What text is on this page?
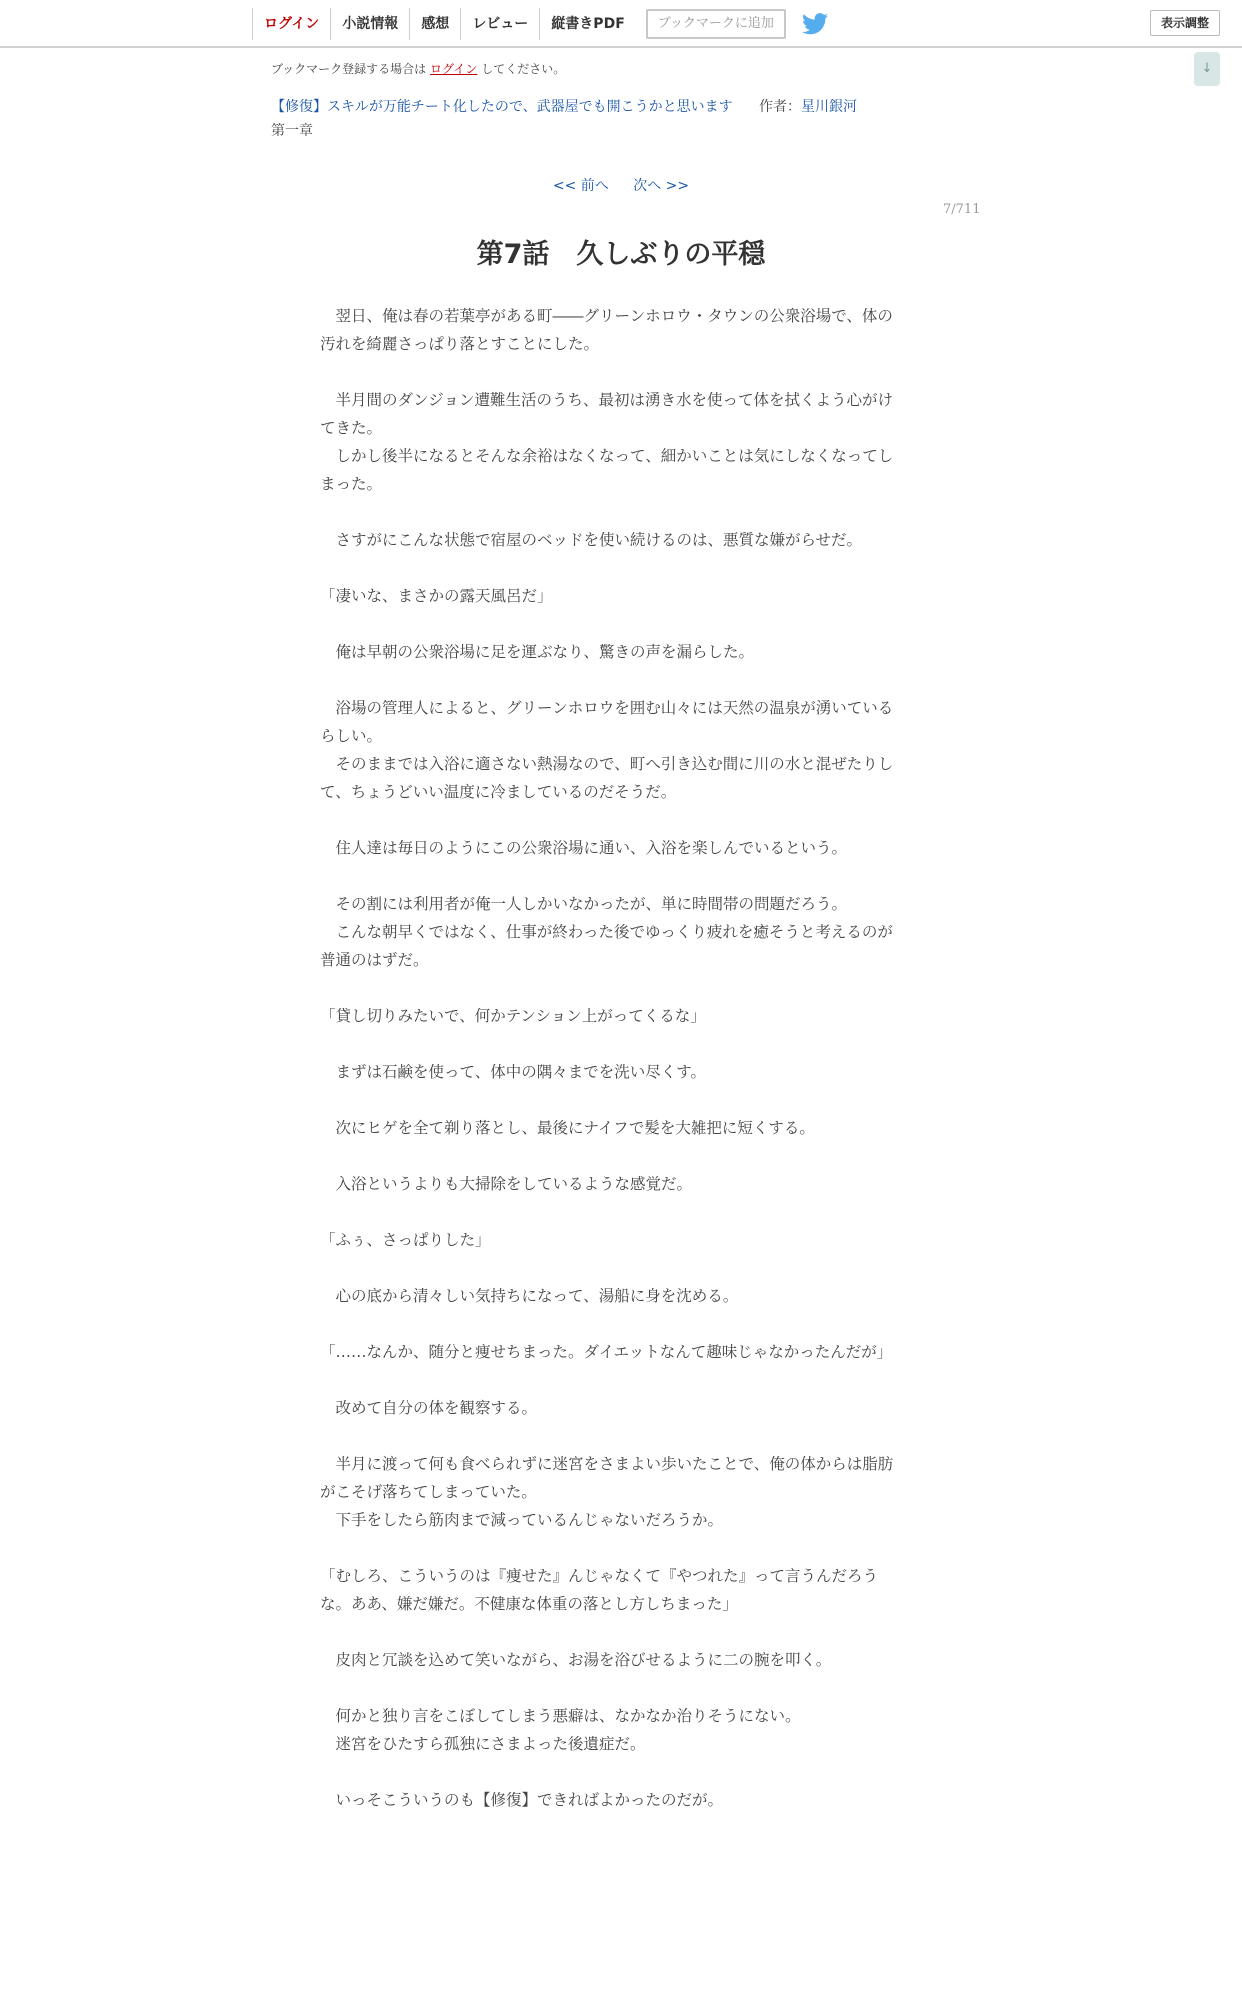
ログイン	小説情報	感想	レビュー	縦書きPDF	ブックマークに追加	表示調整
↓
ブックマーク登録する場合は ログイン してください。
【修復】スキルが万能チート化したので、武器屋でも開こうかと思います 作者：星川銀河
第一章
<< 前へ 次へ >>
7/711
第7話　久しぶりの平穏

　翌日、俺は春の若葉亭がある町――グリーンホロウ・タウンの公衆浴場で、体の

汚れを綺麗さっぱり落とすことにした。

　半月間のダンジョン遭難生活のうち、最初は湧き水を使って体を拭くよう心がけ

てきた。

　しかし後半になるとそんな余裕はなくなって、細かいことは気にしなくなってし

まった。

　さすがにこんな状態で宿屋のベッドを使い続けるのは、悪質な嫌がらせだ。

「凄いな、まさかの露天風呂だ」

　俺は早朝の公衆浴場に足を運ぶなり、驚きの声を漏らした。

　浴場の管理人によると、グリーンホロウを囲む山々には天然の温泉が湧いている

らしい。

　そのままでは入浴に適さない熱湯なので、町へ引き込む間に川の水と混ぜたりし

て、ちょうどいい温度に冷ましているのだそうだ。

　住人達は毎日のようにこの公衆浴場に通い、入浴を楽しんでいるという。

　その割には利用者が俺一人しかいなかったが、単に時間帯の問題だろう。

　こんな朝早くではなく、仕事が終わった後でゆっくり疲れを癒そうと考えるのが

普通のはずだ。

「貸し切りみたいで、何かテンション上がってくるな」

　まずは石鹸を使って、体中の隅々までを洗い尽くす。

　次にヒゲを全て剃り落とし、最後にナイフで髪を大雑把に短くする。

　入浴というよりも大掃除をしているような感覚だ。

「ふぅ、さっぱりした」

　心の底から清々しい気持ちになって、湯船に身を沈める。

「……なんか、随分と痩せちまった。ダイエットなんて趣味じゃなかったんだが」

　改めて自分の体を観察する。

　半月に渡って何も食べられずに迷宮をさまよい歩いたことで、俺の体からは脂肪

がこそげ落ちてしまっていた。

　下手をしたら筋肉まで減っているんじゃないだろうか。

「むしろ、こういうのは『痩せた』んじゃなくて『やつれた』って言うんだろう

な。ああ、嫌だ嫌だ。不健康な体重の落とし方しちまった」

　皮肉と冗談を込めて笑いながら、お湯を浴びせるように二の腕を叩く。

　何かと独り言をこぼしてしまう悪癖は、なかなか治りそうにない。

　迷宮をひたすら孤独にさまよった後遺症だ。

　いっそこういうのも【修復】できればよかったのだが。
